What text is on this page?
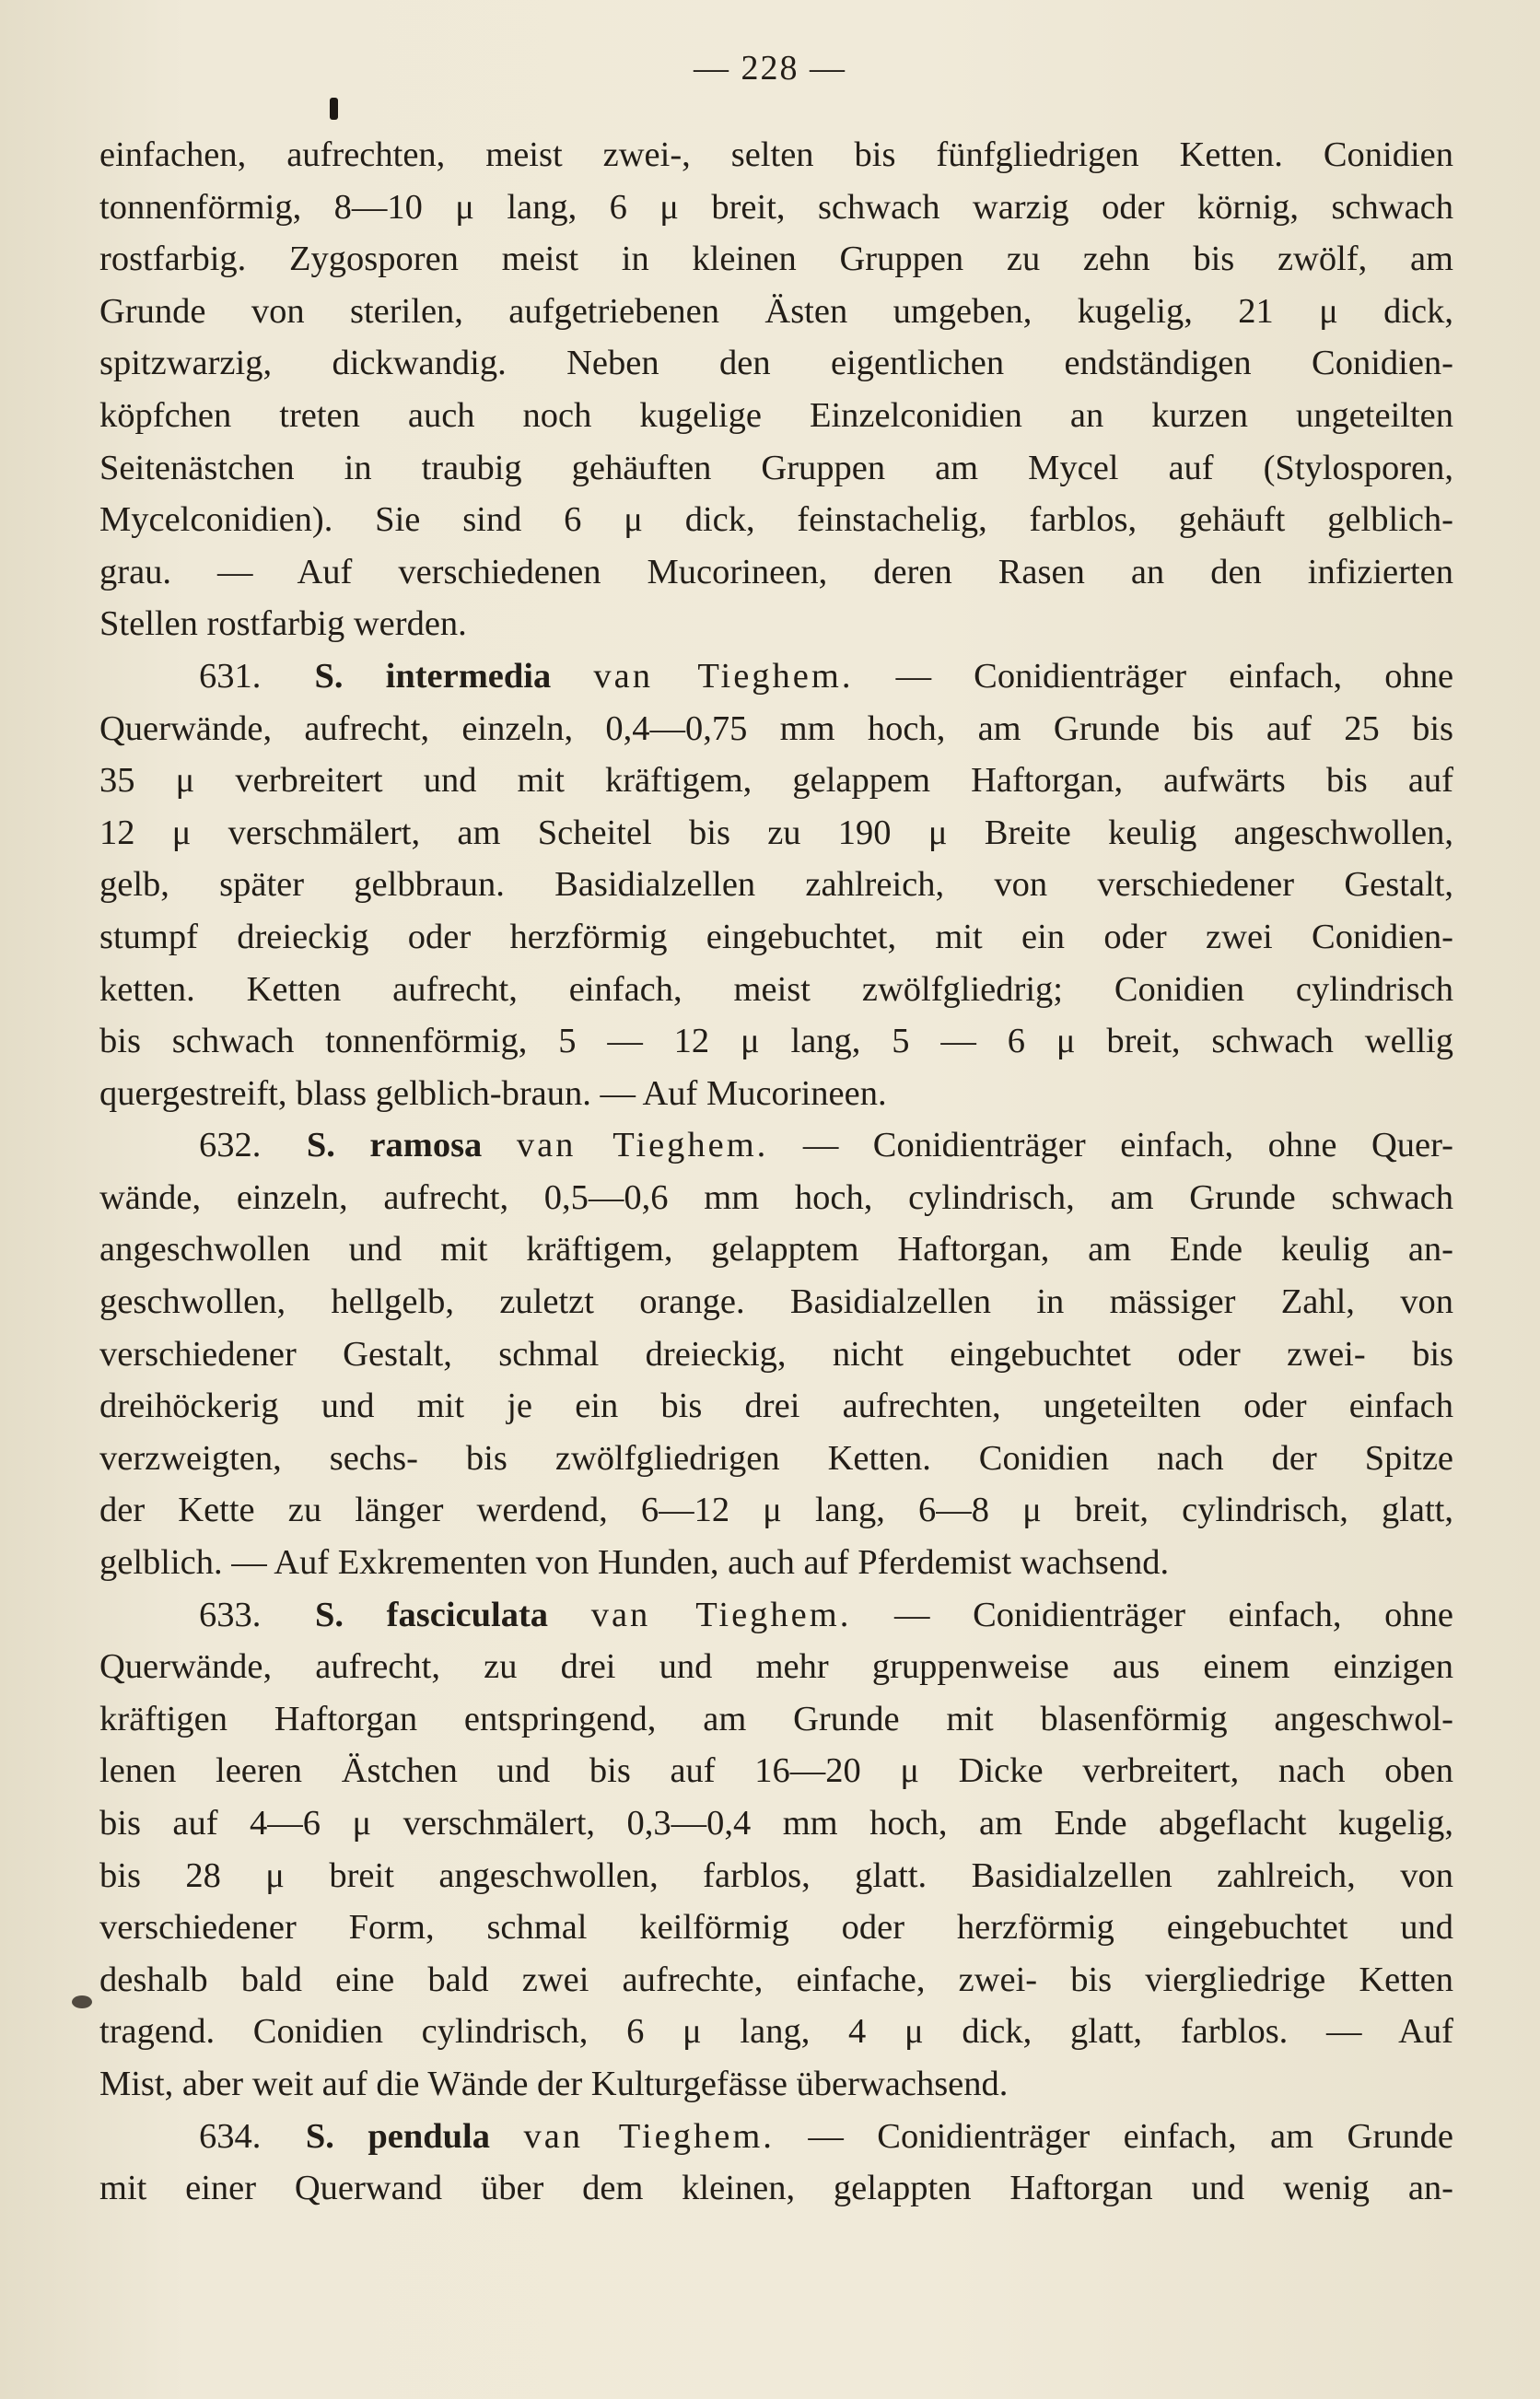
— 228 —
einfachen, aufrechten, meist zwei-, selten bis fünfgliedrigen Ketten. Conidien
tonnenförmig, 8—10 μ lang, 6 μ breit, schwach warzig oder körnig, schwach
rostfarbig. Zygosporen meist in kleinen Gruppen zu zehn bis zwölf, am
Grunde von sterilen, aufgetriebenen Ästen umgeben, kugelig, 21 μ dick,
spitzwarzig, dickwandig. Neben den eigentlichen endständigen Conidien-
köpfchen treten auch noch kugelige Einzelconidien an kurzen ungeteilten
Seitenästchen in traubig gehäuften Gruppen am Mycel auf (Stylosporen,
Mycelconidien). Sie sind 6 μ dick, feinstachelig, farblos, gehäuft gelblich-
grau. — Auf verschiedenen Mucorineen, deren Rasen an den infizierten
Stellen rostfarbig werden.
631. S. intermedia van Tieghem. — Conidienträger einfach, ohne
Querwände, aufrecht, einzeln, 0,4—0,75 mm hoch, am Grunde bis auf 25 bis
35 μ verbreitert und mit kräftigem, gelappem Haftorgan, aufwärts bis auf
12 μ verschmälert, am Scheitel bis zu 190 μ Breite keulig angeschwollen,
gelb, später gelbbraun. Basidialzellen zahlreich, von verschiedener Gestalt,
stumpf dreieckig oder herzförmig eingebuchtet, mit ein oder zwei Conidien-
ketten. Ketten aufrecht, einfach, meist zwölfgliedrig; Conidien cylindrisch
bis schwach tonnenförmig, 5 — 12 μ lang, 5 — 6 μ breit, schwach wellig
quergestreift, blass gelblich-braun. — Auf Mucorineen.
632. S. ramosa van Tieghem. — Conidienträger einfach, ohne Quer-
wände, einzeln, aufrecht, 0,5—0,6 mm hoch, cylindrisch, am Grunde schwach
angeschwollen und mit kräftigem, gelapptem Haftorgan, am Ende keulig an-
geschwollen, hellgelb, zuletzt orange. Basidialzellen in mässiger Zahl, von
verschiedener Gestalt, schmal dreieckig, nicht eingebuchtet oder zwei- bis
dreihöckerig und mit je ein bis drei aufrechten, ungeteilten oder einfach
verzweigten, sechs- bis zwölfgliedrigen Ketten. Conidien nach der Spitze
der Kette zu länger werdend, 6—12 μ lang, 6—8 μ breit, cylindrisch, glatt,
gelblich. — Auf Exkrementen von Hunden, auch auf Pferdemist wachsend.
633. S. fasciculata van Tieghem. — Conidienträger einfach, ohne
Querwände, aufrecht, zu drei und mehr gruppenweise aus einem einzigen
kräftigen Haftorgan entspringend, am Grunde mit blasenförmig angeschwol-
lenen leeren Ästchen und bis auf 16—20 μ Dicke verbreitert, nach oben
bis auf 4—6 μ verschmälert, 0,3—0,4 mm hoch, am Ende abgeflacht kugelig,
bis 28 μ breit angeschwollen, farblos, glatt. Basidialzellen zahlreich, von
verschiedener Form, schmal keilförmig oder herzförmig eingebuchtet und
deshalb bald eine bald zwei aufrechte, einfache, zwei- bis viergliedrige Ketten
tragend. Conidien cylindrisch, 6 μ lang, 4 μ dick, glatt, farblos. — Auf
Mist, aber weit auf die Wände der Kulturgefässe überwachsend.
634. S. pendula van Tieghem. — Conidienträger einfach, am Grunde
mit einer Querwand über dem kleinen, gelappten Haftorgan und wenig an-
